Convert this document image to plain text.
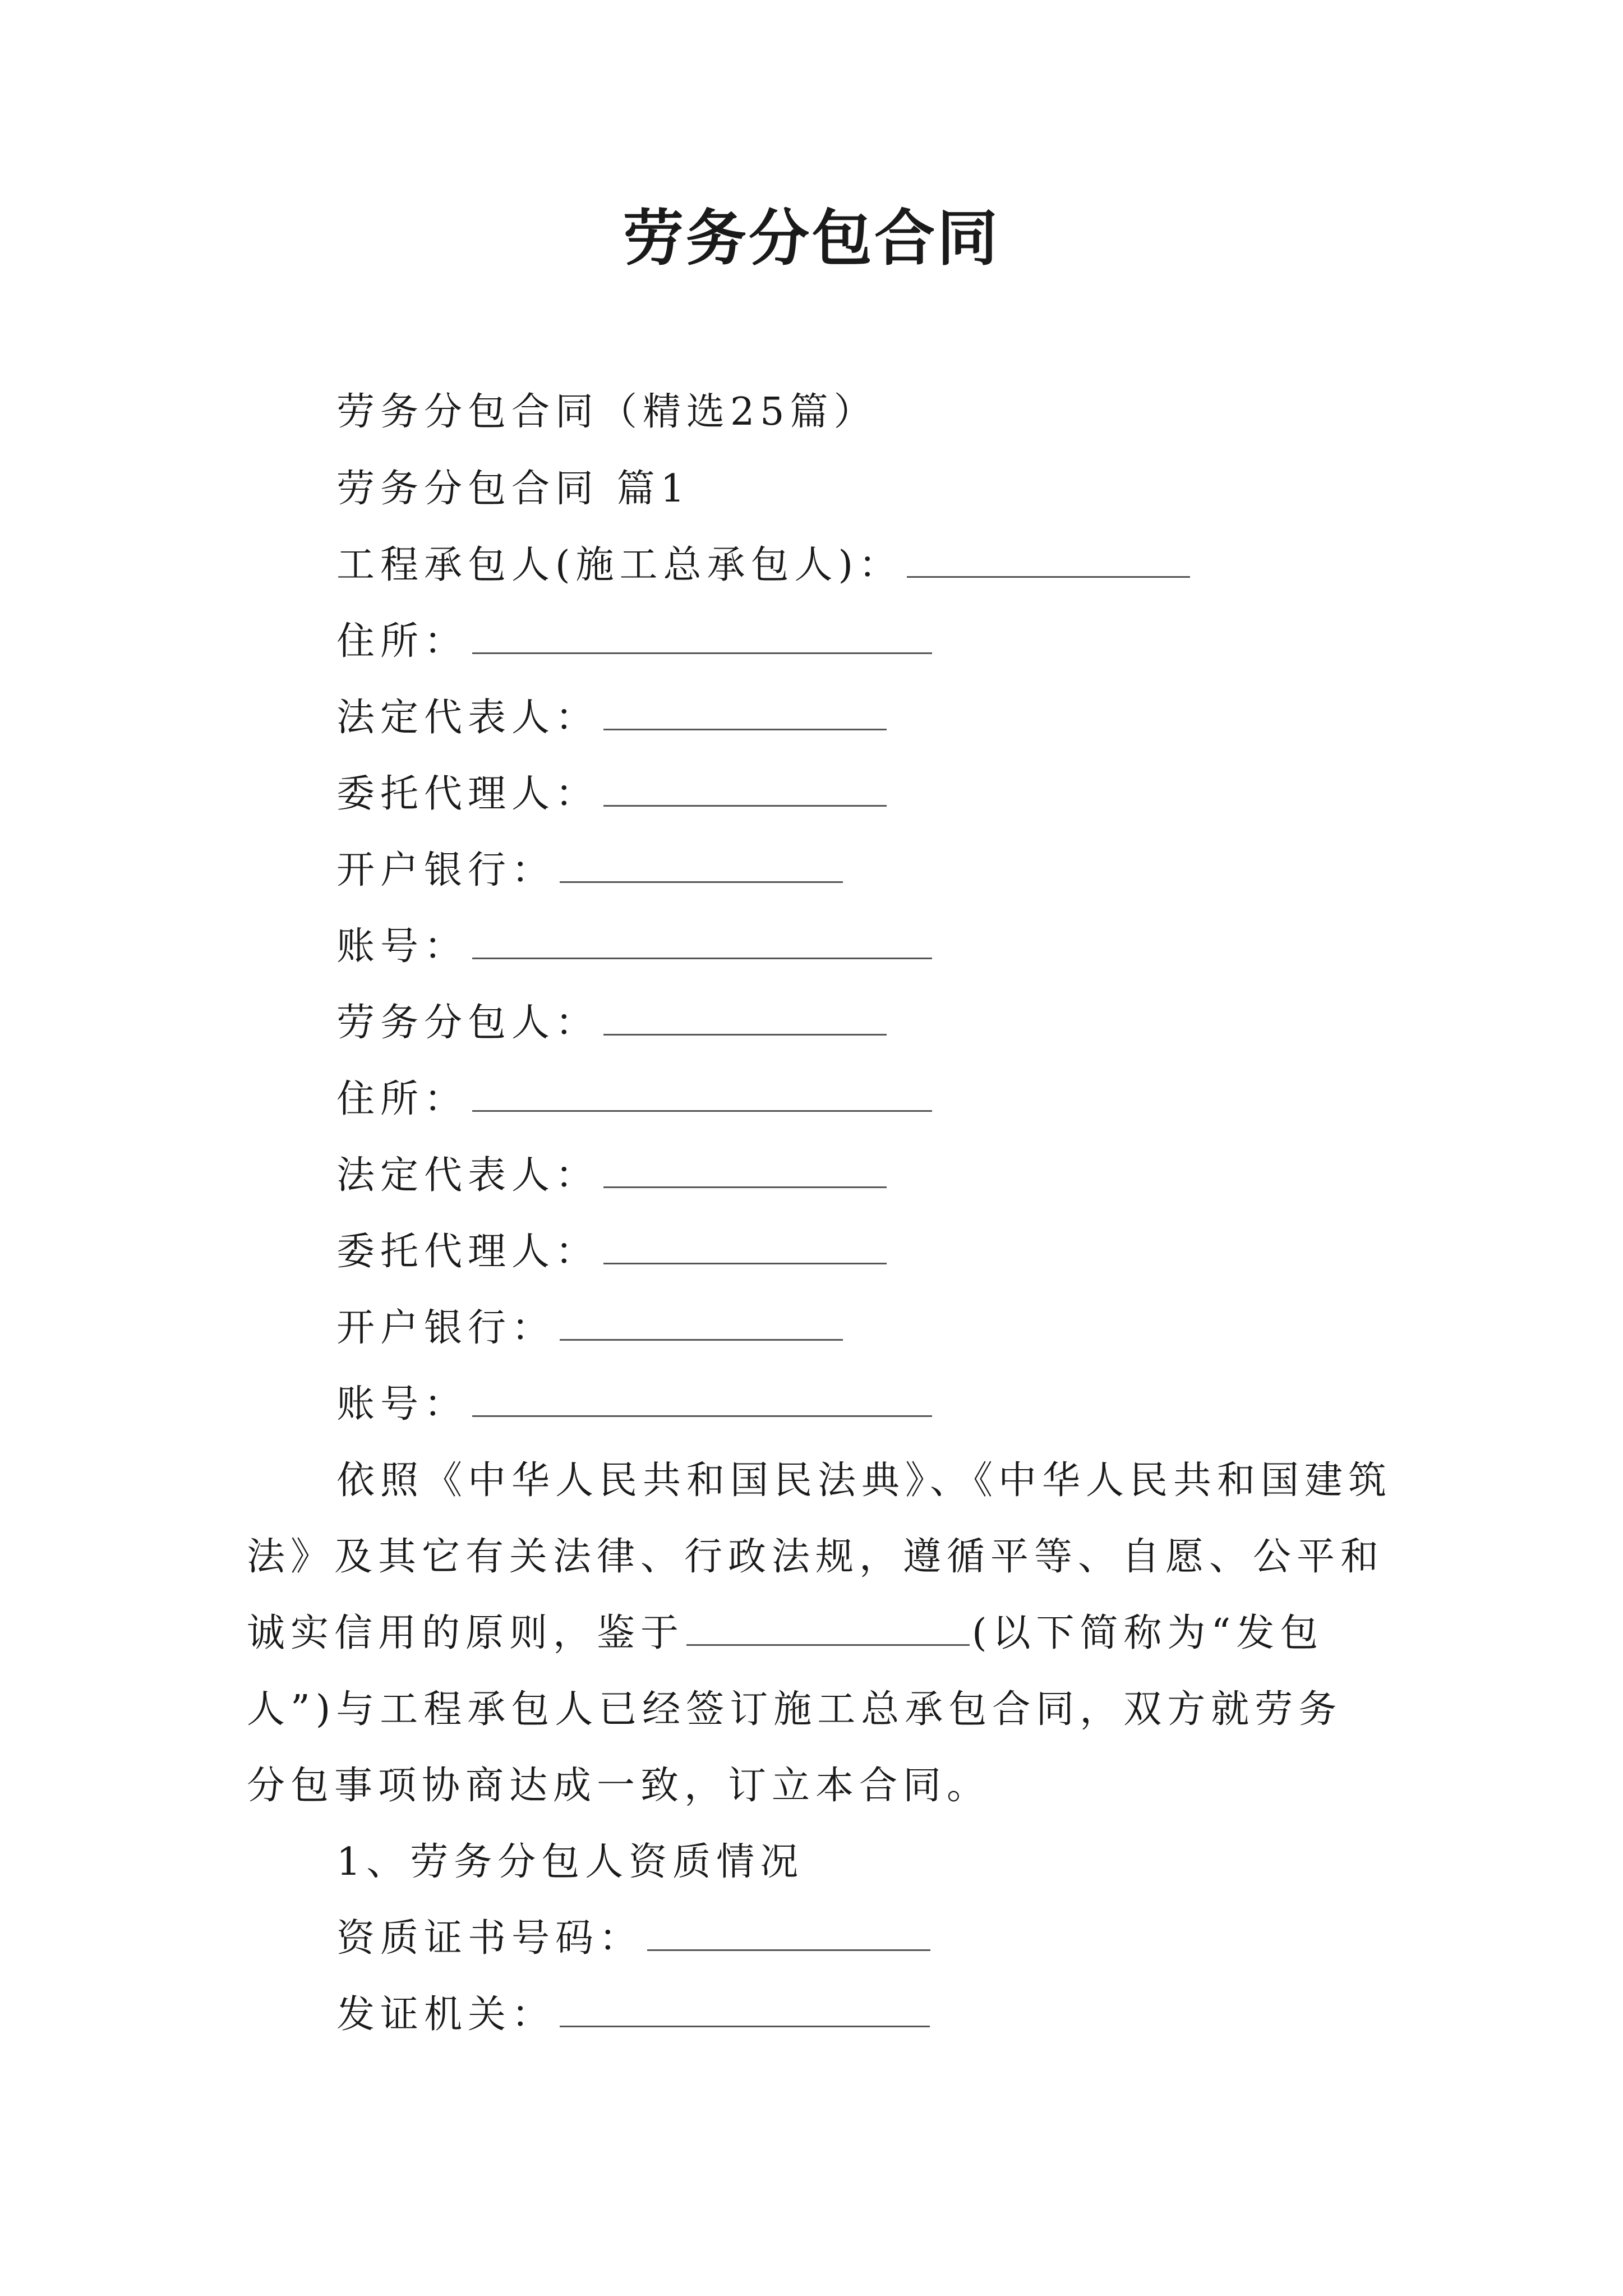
劳务分包合同
劳务分包合同（精选25篇）
劳务分包合同 篇1
工程承包人(施工总承包人)：
住所：
法定代表人：
委托代理人：
开户银行：
账号：
劳务分包人：
住所：
法定代表人：
委托代理人：
开户银行：
账号：
依照《中华人民共和国民法典》、《中华人民共和国建筑
法》及其它有关法律、行政法规，遵循平等、自愿、公平和
诚实信用的原则，鉴于	(以下简称为“发包
人”)与工程承包人已经签订施工总承包合同，双方就劳务
分包事项协商达成一致，订立本合同。
1、劳务分包人资质情况
资质证书号码：
发证机关：
